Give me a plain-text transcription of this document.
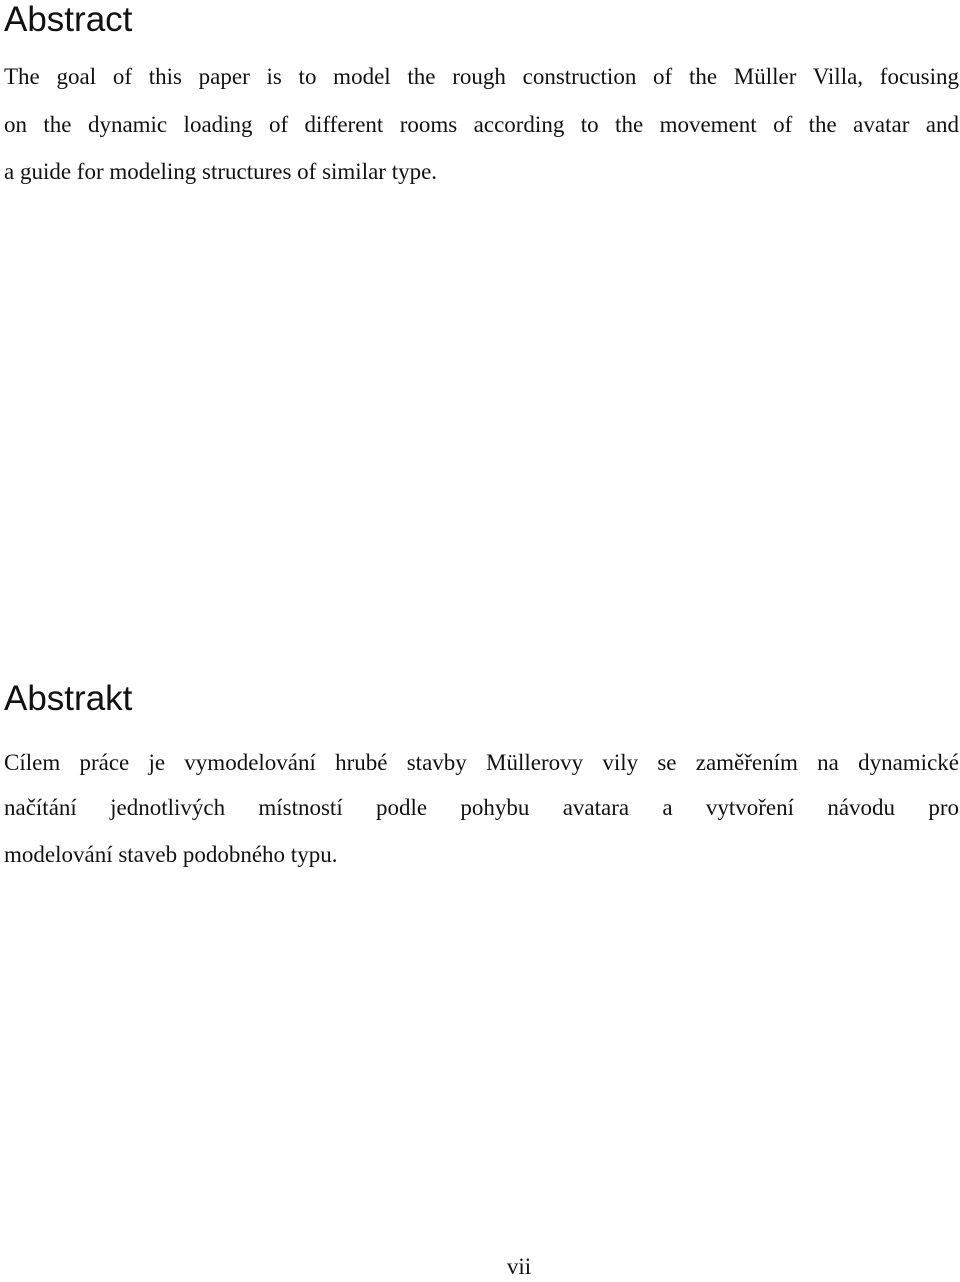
Abstract

The goal of this paper is to model the rough construction of the Müller Villa, focusing

on the dynamic loading of different rooms according to the movement of the avatar and

a guide for modeling structures of similar type.

Abstrakt

Cílem práce je vymodelování hrubé stavby Müllerovy vily se zaměřením na dynamické

načítání jednotlivých místností podle pohybu avatara a vytvoření návodu pro

modelování staveb podobného typu.

vii
